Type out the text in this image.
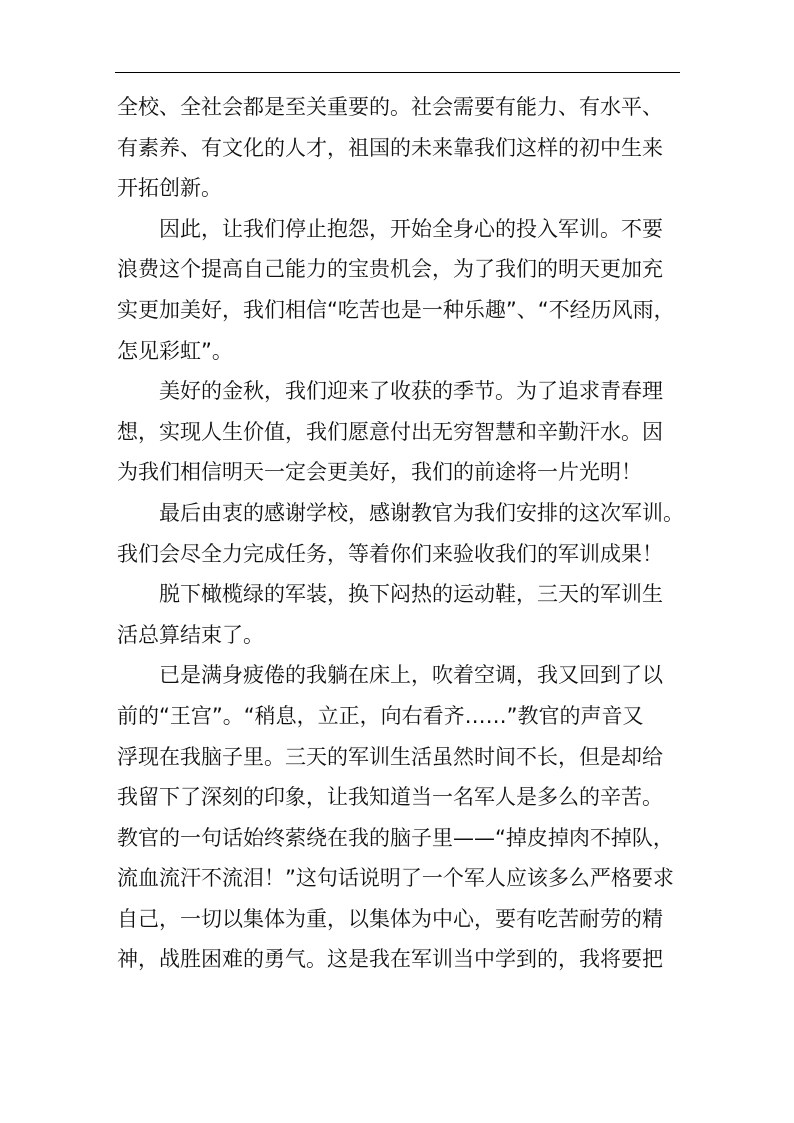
全校、全社会都是至关重要的。社会需要有能力、有水平、
有素养、有文化的人才，祖国的未来靠我们这样的初中生来
开拓创新。
因此，让我们停止抱怨，开始全身心的投入军训。不要
浪费这个提高自己能力的宝贵机会，为了我们的明天更加充
实更加美好，我们相信“吃苦也是一种乐趣”、“不经历风雨，
怎见彩虹”。
美好的金秋，我们迎来了收获的季节。为了追求青春理
想，实现人生价值，我们愿意付出无穷智慧和辛勤汗水。因
为我们相信明天一定会更美好，我们的前途将一片光明！
最后由衷的感谢学校，感谢教官为我们安排的这次军训。
我们会尽全力完成任务，等着你们来验收我们的军训成果！
脱下橄榄绿的军装，换下闷热的运动鞋，三天的军训生
活总算结束了。
已是满身疲倦的我躺在床上，吹着空调，我又回到了以
前的“王宫”。“稍息，立正，向右看齐……”教官的声音又
浮现在我脑子里。三天的军训生活虽然时间不长，但是却给
我留下了深刻的印象，让我知道当一名军人是多么的辛苦。
教官的一句话始终萦绕在我的脑子里——“掉皮掉肉不掉队，
流血流汗不流泪！”这句话说明了一个军人应该多么严格要求
自己，一切以集体为重，以集体为中心，要有吃苦耐劳的精
神，战胜困难的勇气。这是我在军训当中学到的，我将要把
